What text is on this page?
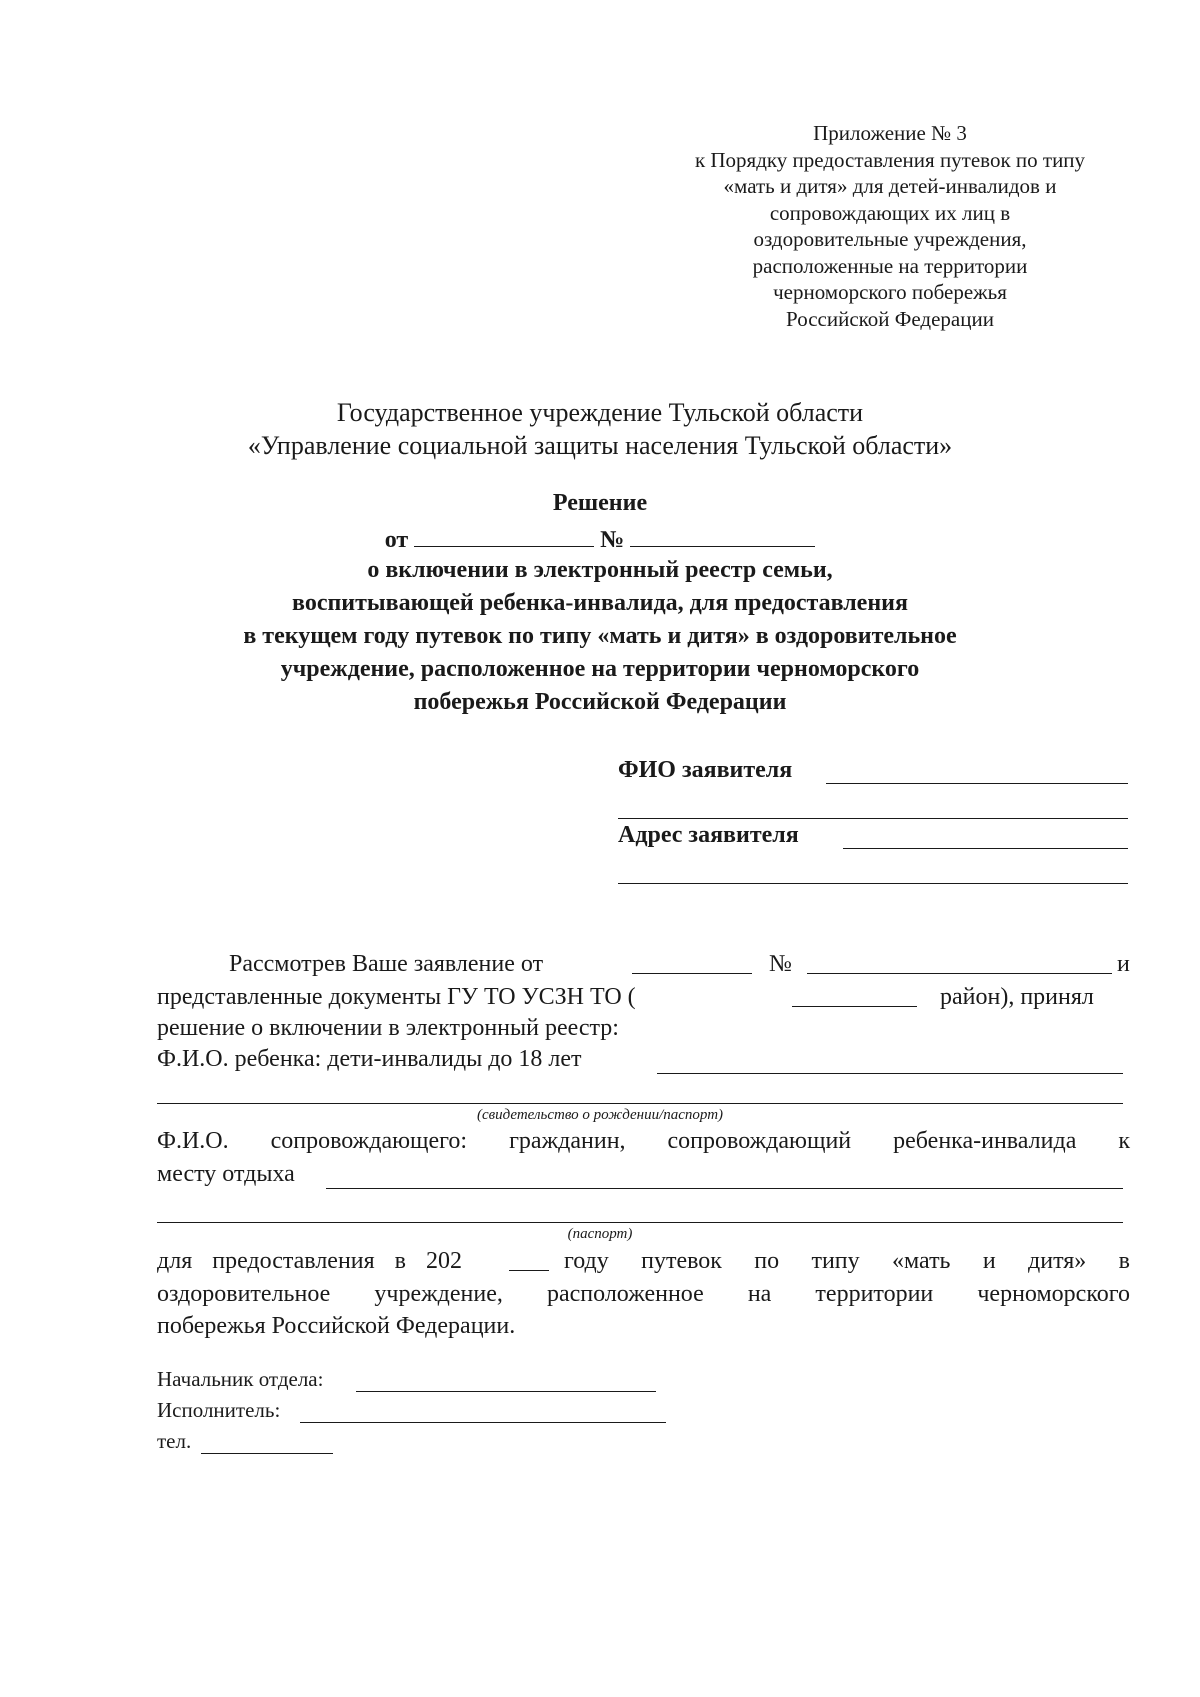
Приложение № 3
к Порядку предоставления путевок по типу
«мать и дитя» для детей-инвалидов и
сопровождающих их лиц в
оздоровительные учреждения,
расположенные на территории
черноморского побережья
Российской Федерации
Государственное учреждение Тульской области
«Управление социальной защиты населения Тульской области»
Решение
от	№
о включении в электронный реестр семьи,
воспитывающей ребенка-инвалида, для предоставления
в текущем году путевок по типу «мать и дитя» в оздоровительное
учреждение, расположенное на территории черноморского
побережья Российской Федерации
ФИО заявителя
Адрес заявителя
Рассмотрев Ваше заявление от	№	и
представленные документы ГУ ТО УСЗН ТО (	район), принял
решение о включении в электронный реестр:
Ф.И.О. ребенка: дети-инвалиды до 18 лет
(свидетельство о рождении/паспорт)
Ф.И.О. сопровождающего: гражданин, сопровождающий ребенка-инвалида к
месту отдыха
(паспорт)
для предоставления в 202	году путевок по типу «мать и дитя» в
оздоровительное учреждение, расположенное на территории черноморского
побережья Российской Федерации.
Начальник отдела:
Исполнитель:
тел.
